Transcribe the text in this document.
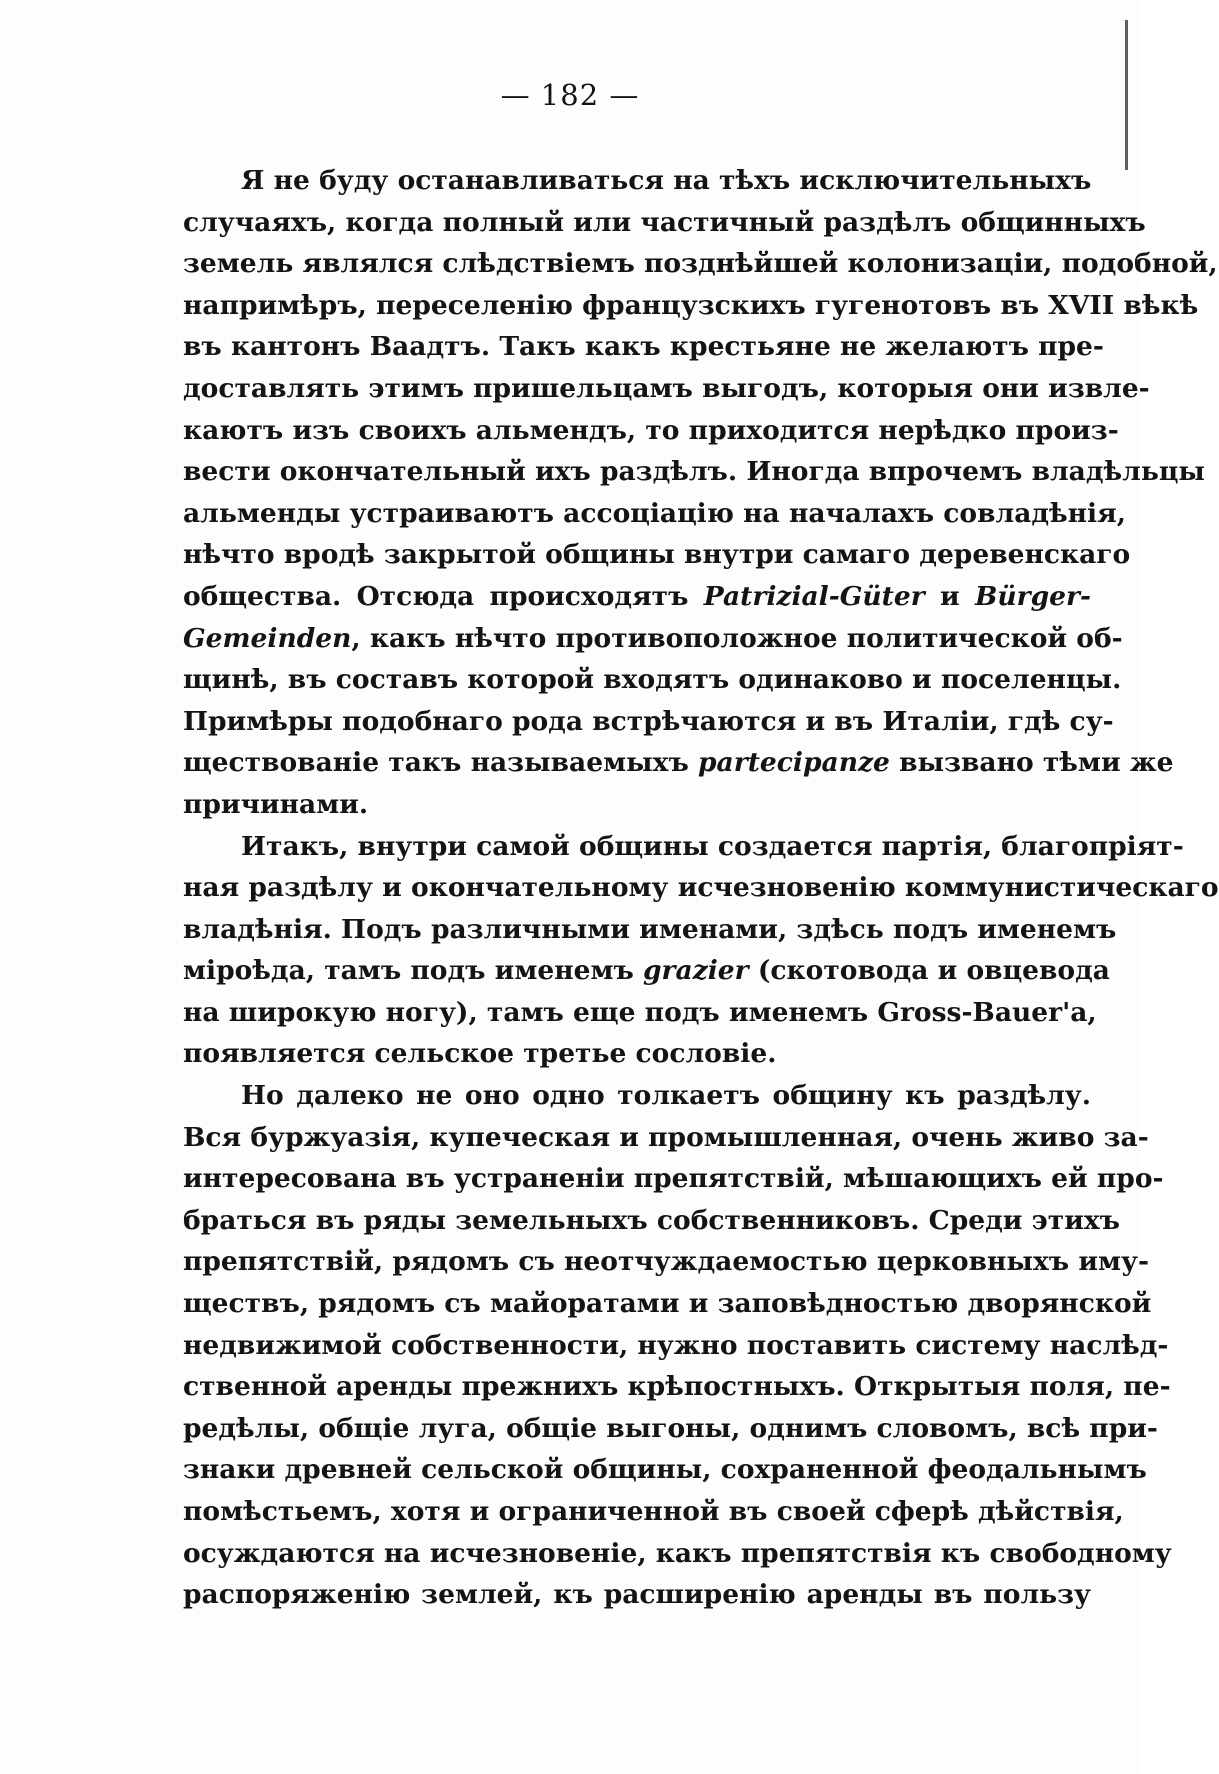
— 182 —
Я не буду останавливаться на тѣхъ исключительныхъ
случаяхъ, когда полный или частичный раздѣлъ общинныхъ
земель являлся слѣдствіемъ позднѣйшей колонизаціи, подобной,
напримѣръ, переселенію французскихъ гугенотовъ въ XVII вѣкѣ
въ кантонъ Ваадтъ. Такъ какъ крестьяне не желаютъ пре-
доставлять этимъ пришельцамъ выгодъ, которыя они извле-
каютъ изъ своихъ альмендъ, то приходится нерѣдко произ-
вести окончательный ихъ раздѣлъ. Иногда впрочемъ владѣльцы
альменды устраиваютъ ассоціацію на началахъ совладѣнія,
нѣчто вродѣ закрытой общины внутри самаго деревенскаго
общества. Отсюда происходятъ Patrizial-Güter и Bürger-
Gemeinden, какъ нѣчто противоположное политической об-
щинѣ, въ составъ которой входятъ одинаково и поселенцы.
Примѣры подобнаго рода встрѣчаются и въ Италіи, гдѣ су-
ществованіе такъ называемыхъ partecipanze вызвано тѣми же
причинами.
Итакъ, внутри самой общины создается партія, благопріят-
ная раздѣлу и окончательному исчезновенію коммунистическаго
владѣнія. Подъ различными именами, здѣсь подъ именемъ
міроѣда, тамъ подъ именемъ grazier (скотовода и овцевода
на широкую ногу), тамъ еще подъ именемъ Gross-Bauer'а,
появляется сельское третье сословіе.
Но далеко не оно одно толкаетъ общину къ раздѣлу.
Вся буржуазія, купеческая и промышленная, очень живо за-
интересована въ устраненіи препятствій, мѣшающихъ ей про-
браться въ ряды земельныхъ собственниковъ. Среди этихъ
препятствій, рядомъ съ неотчуждаемостью церковныхъ иму-
ществъ, рядомъ съ майоратами и заповѣдностью дворянской
недвижимой собственности, нужно поставить систему наслѣд-
ственной аренды прежнихъ крѣпостныхъ. Открытыя поля, пе-
редѣлы, общіе луга, общіе выгоны, однимъ словомъ, всѣ при-
знаки древней сельской общины, сохраненной феодальнымъ
помѣстьемъ, хотя и ограниченной въ своей сферѣ дѣйствія,
осуждаются на исчезновеніе, какъ препятствія къ свободному
распоряженію землей, къ расширенію аренды въ пользу
